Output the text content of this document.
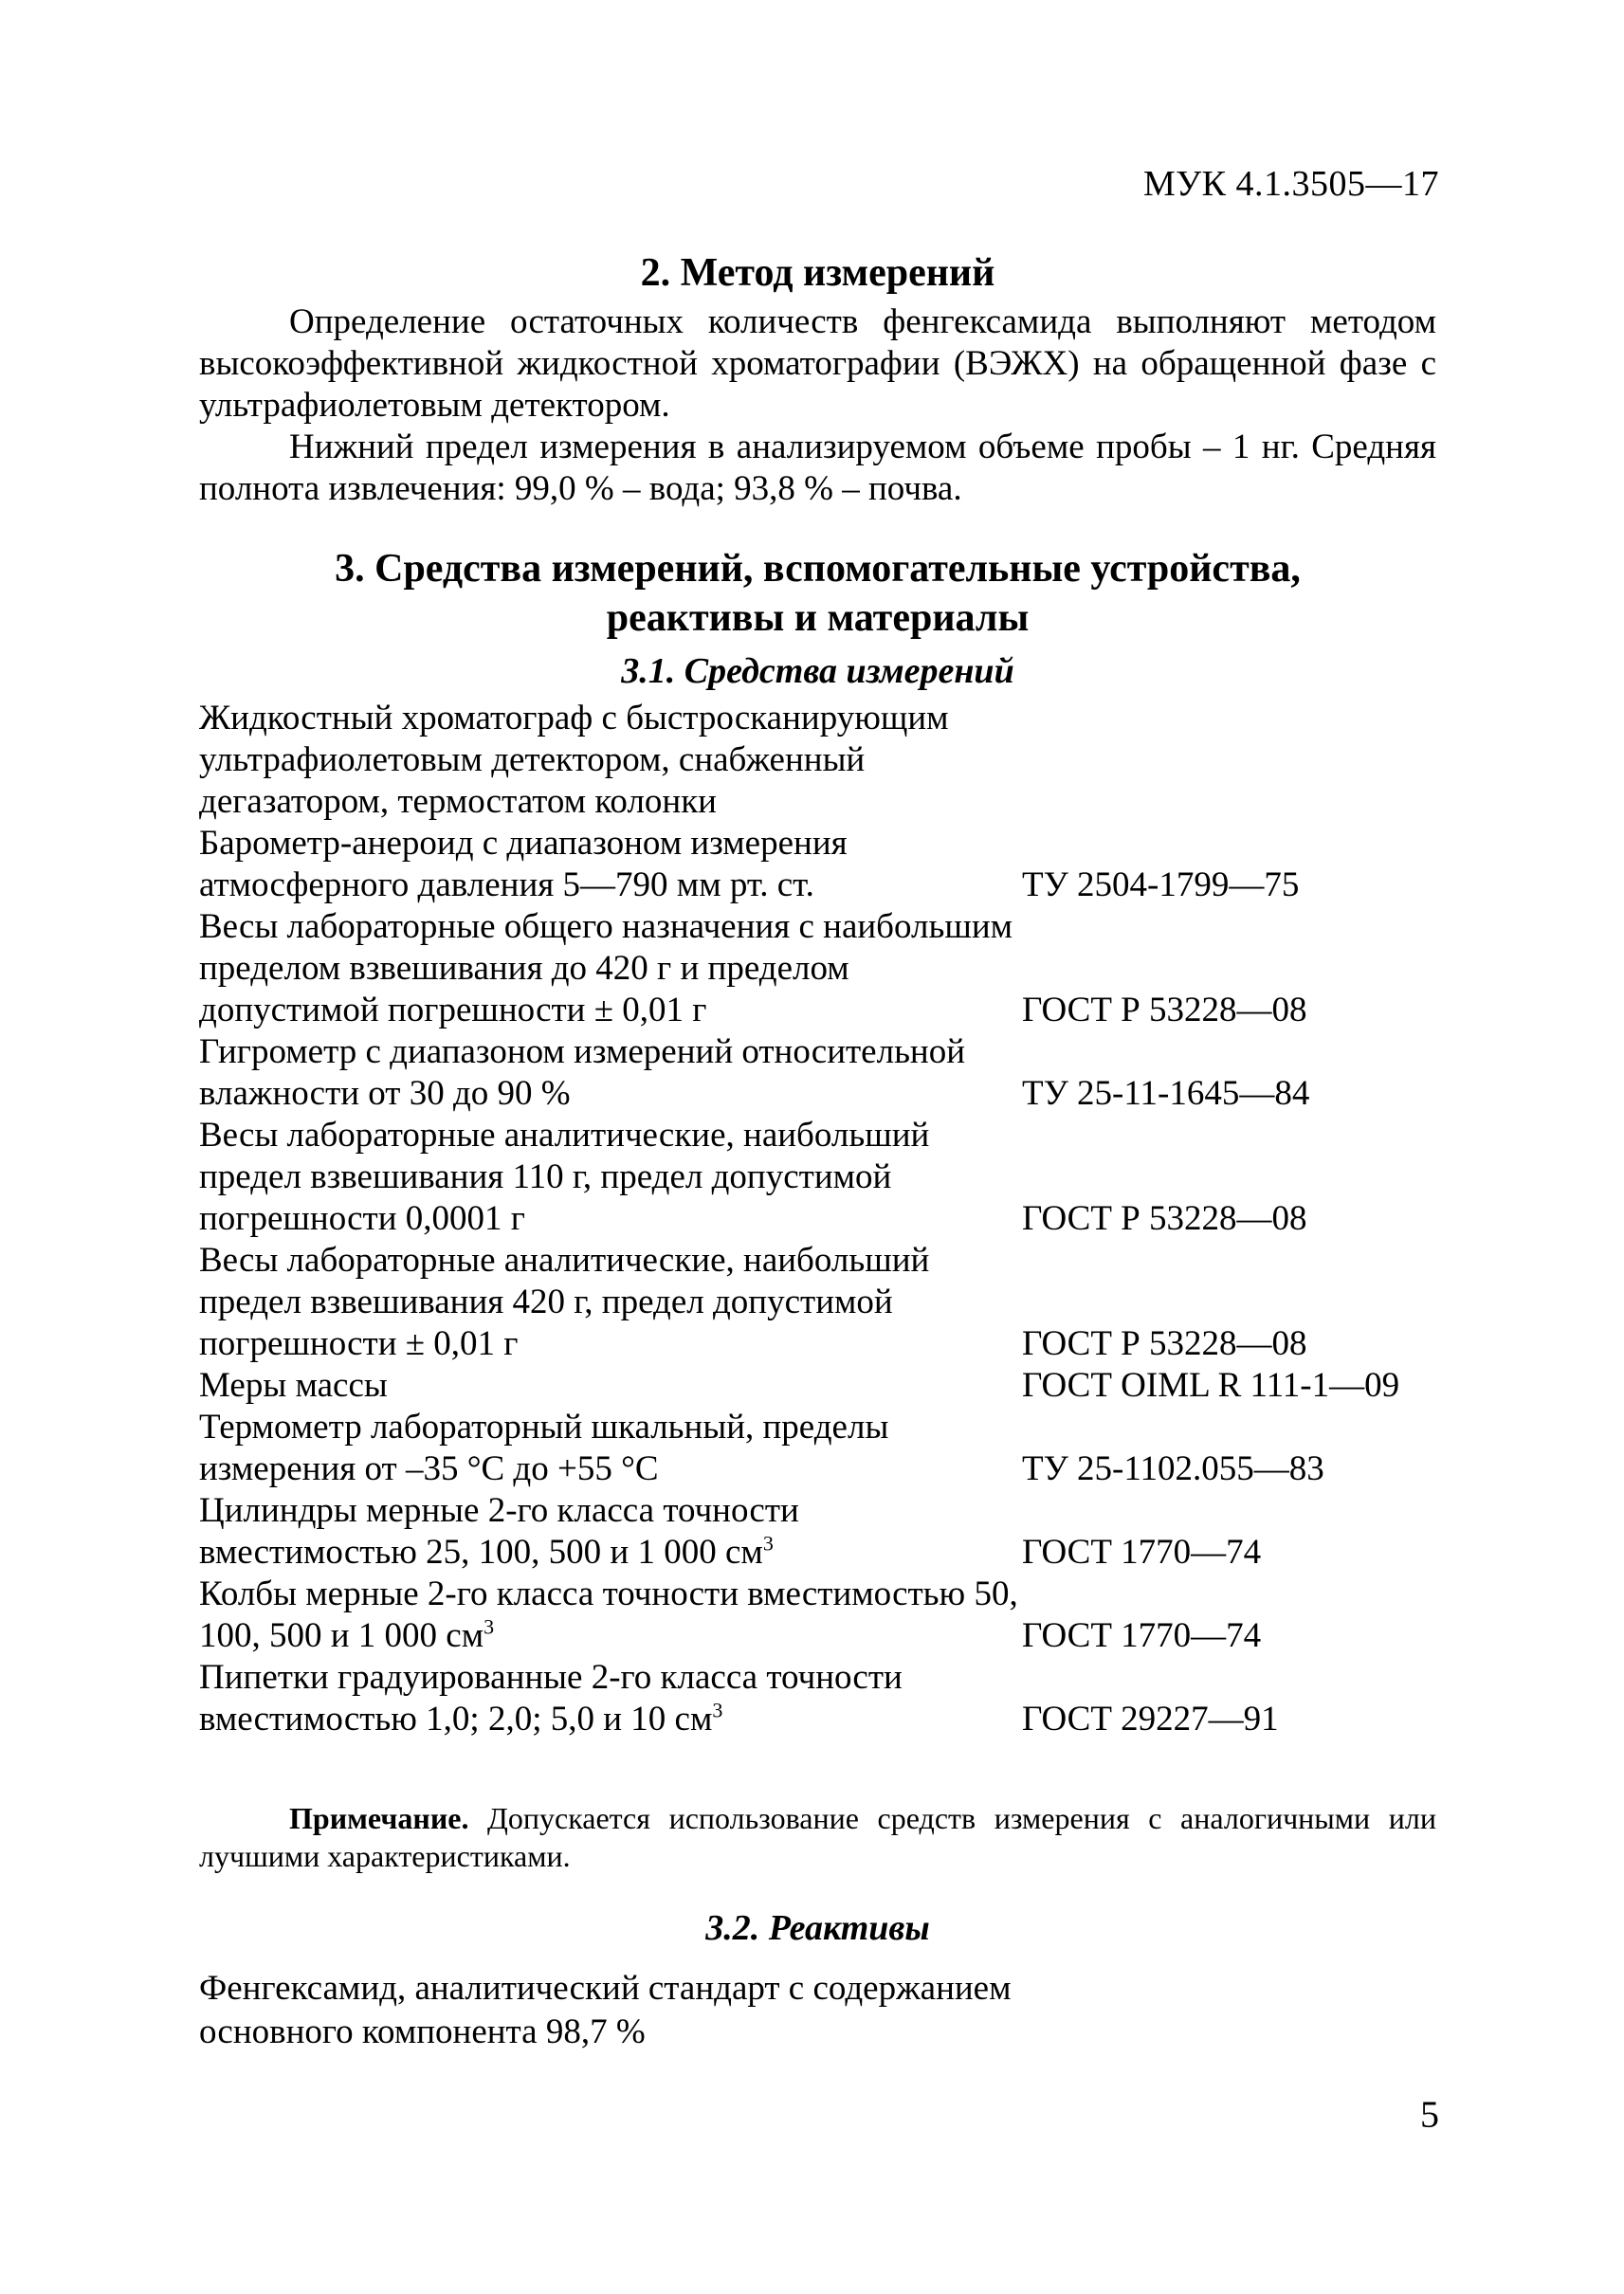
МУК 4.1.3505—17
2. Метод измерений

Определение остаточных количеств фенгексамида выполняют методом высокоэффективной жидкостной хроматографии (ВЭЖХ) на обращенной фазе с ультрафиолетовым детектором.

Нижний предел измерения в анализируемом объеме пробы – 1 нг. Средняя полнота извлечения: 99,0 % – вода; 93,8 % – почва.

3. Средства измерений, вспомогательные устройства,
реактивы и материалы
3.1. Средства измерений
Жидкостный хроматограф с быстросканирующим ультрафиолетовым детектором, снабженный дегазатором, термостатом колонки	
Барометр-анероид с диапазоном измерения атмосферного давления 5—790 мм рт. ст.	ТУ 2504-1799—75
Весы лабораторные общего назначения с наибольшим пределом взвешивания до 420 г и пределом допустимой погрешности ± 0,01 г	ГОСТ Р 53228—08
Гигрометр с диапазоном измерений относительной влажности от 30 до 90 %	ТУ 25-11-1645—84
Весы лабораторные аналитические, наибольший предел взвешивания 110 г, предел допустимой погрешности 0,0001 г	ГОСТ Р 53228—08
Весы лабораторные аналитические, наибольший предел взвешивания 420 г, предел допустимой погрешности ± 0,01 г	ГОСТ Р 53228—08
Меры массы	ГОСТ OIML R 111-1—09
Термометр лабораторный шкальный, пределы измерения от –35 °С до +55 °С	ТУ 25-1102.055—83
Цилиндры мерные 2-го класса точности вместимостью 25, 100, 500 и 1 000 $см^3$	ГОСТ 1770—74
Колбы мерные 2-го класса точности вместимостью 50, 100, 500 и 1 000 $см^3$	ГОСТ 1770—74
Пипетки градуированные 2-го класса точности вместимостью 1,0; 2,0; 5,0 и 10 $см^3$	ГОСТ 29227—91

Примечание. Допускается использование средств измерения с аналогичными или лучшими характеристиками.

3.2. Реактивы

Фенгексамид, аналитический стандарт с содержанием основного компонента 98,7 %

5
